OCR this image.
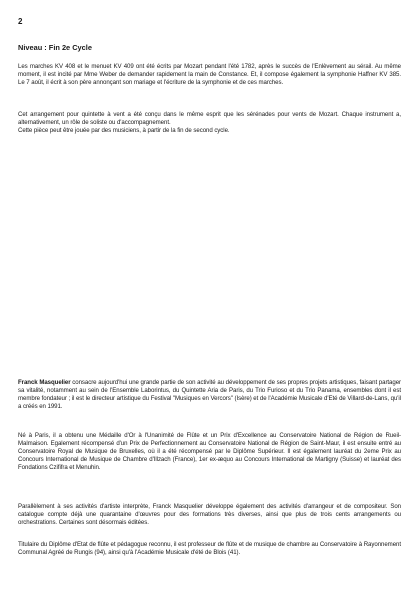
2
Niveau : Fin 2e Cycle

Les marches KV 408 et le menuet KV 409 ont été écrits par Mozart pendant l'été 1782, après le succès de l'Enlèvement au sérail. Au même moment, il est incité par Mme Weber de demander rapidement la main de Constance. Et, il compose également la symphonie Haffner KV 385. Le 7 août, il écrit à son père annonçant son mariage et l'écriture de la symphonie et de ces marches.

Cet arrangement pour quintette à vent a été conçu dans le même esprit que les sérénades pour vents de Mozart. Chaque instrument a, alternativement, un rôle de soliste ou d'accompagnement.
Cette pièce peut être jouée par des musiciens, à partir de la fin de second cycle.

Franck Masquelier consacre aujourd'hui une grande partie de son activité au développement de ses propres projets artistiques, faisant partager sa vitalité, notamment au sein de l'Ensemble Laborintus, du Quintette Aria de Paris, du Trio Furioso et du Trio Panama, ensembles dont il est membre fondateur ; il est le directeur artistique du Festival "Musiques en Vercors" (Isère) et de l'Académie Musicale d'Eté de Villard-de-Lans, qu'il a créés en 1991.

Né à Paris, il a obtenu une Médaille d'Or à l'Unanimité de Flûte et un Prix d'Excellence au Conservatoire National de Région de Rueil-Malmaison. Egalement récompensé d'un Prix de Perfectionnement au Conservatoire National de Région de Saint-Maur, il est ensuite entré au Conservatoire Royal de Musique de Bruxelles, où il a été récompensé par le Diplôme Supérieur. Il est également lauréat du 2eme Prix au Concours International de Musique de Chambre d'Illzach (France), 1er ex-æquo au Concours International de Martigny (Suisse) et lauréat des Fondations Czififra et Menuhin.

Parallèlement à ses activités d'artiste interprète, Franck Masquelier développe également des activités d'arrangeur et de compositeur. Son catalogue compte déjà une quarantaine d'œuvres pour des formations très diverses, ainsi que plus de trois cents arrangements ou orchestrations. Certaines sont désormais éditées.

Titulaire du Diplôme d'Etat de flûte et pédagogue reconnu, il est professeur de flûte et de musique de chambre au Conservatoire à Rayonnement Communal Agréé de Rungis (94), ainsi qu'à l'Académie Musicale d'été de Blois (41).
